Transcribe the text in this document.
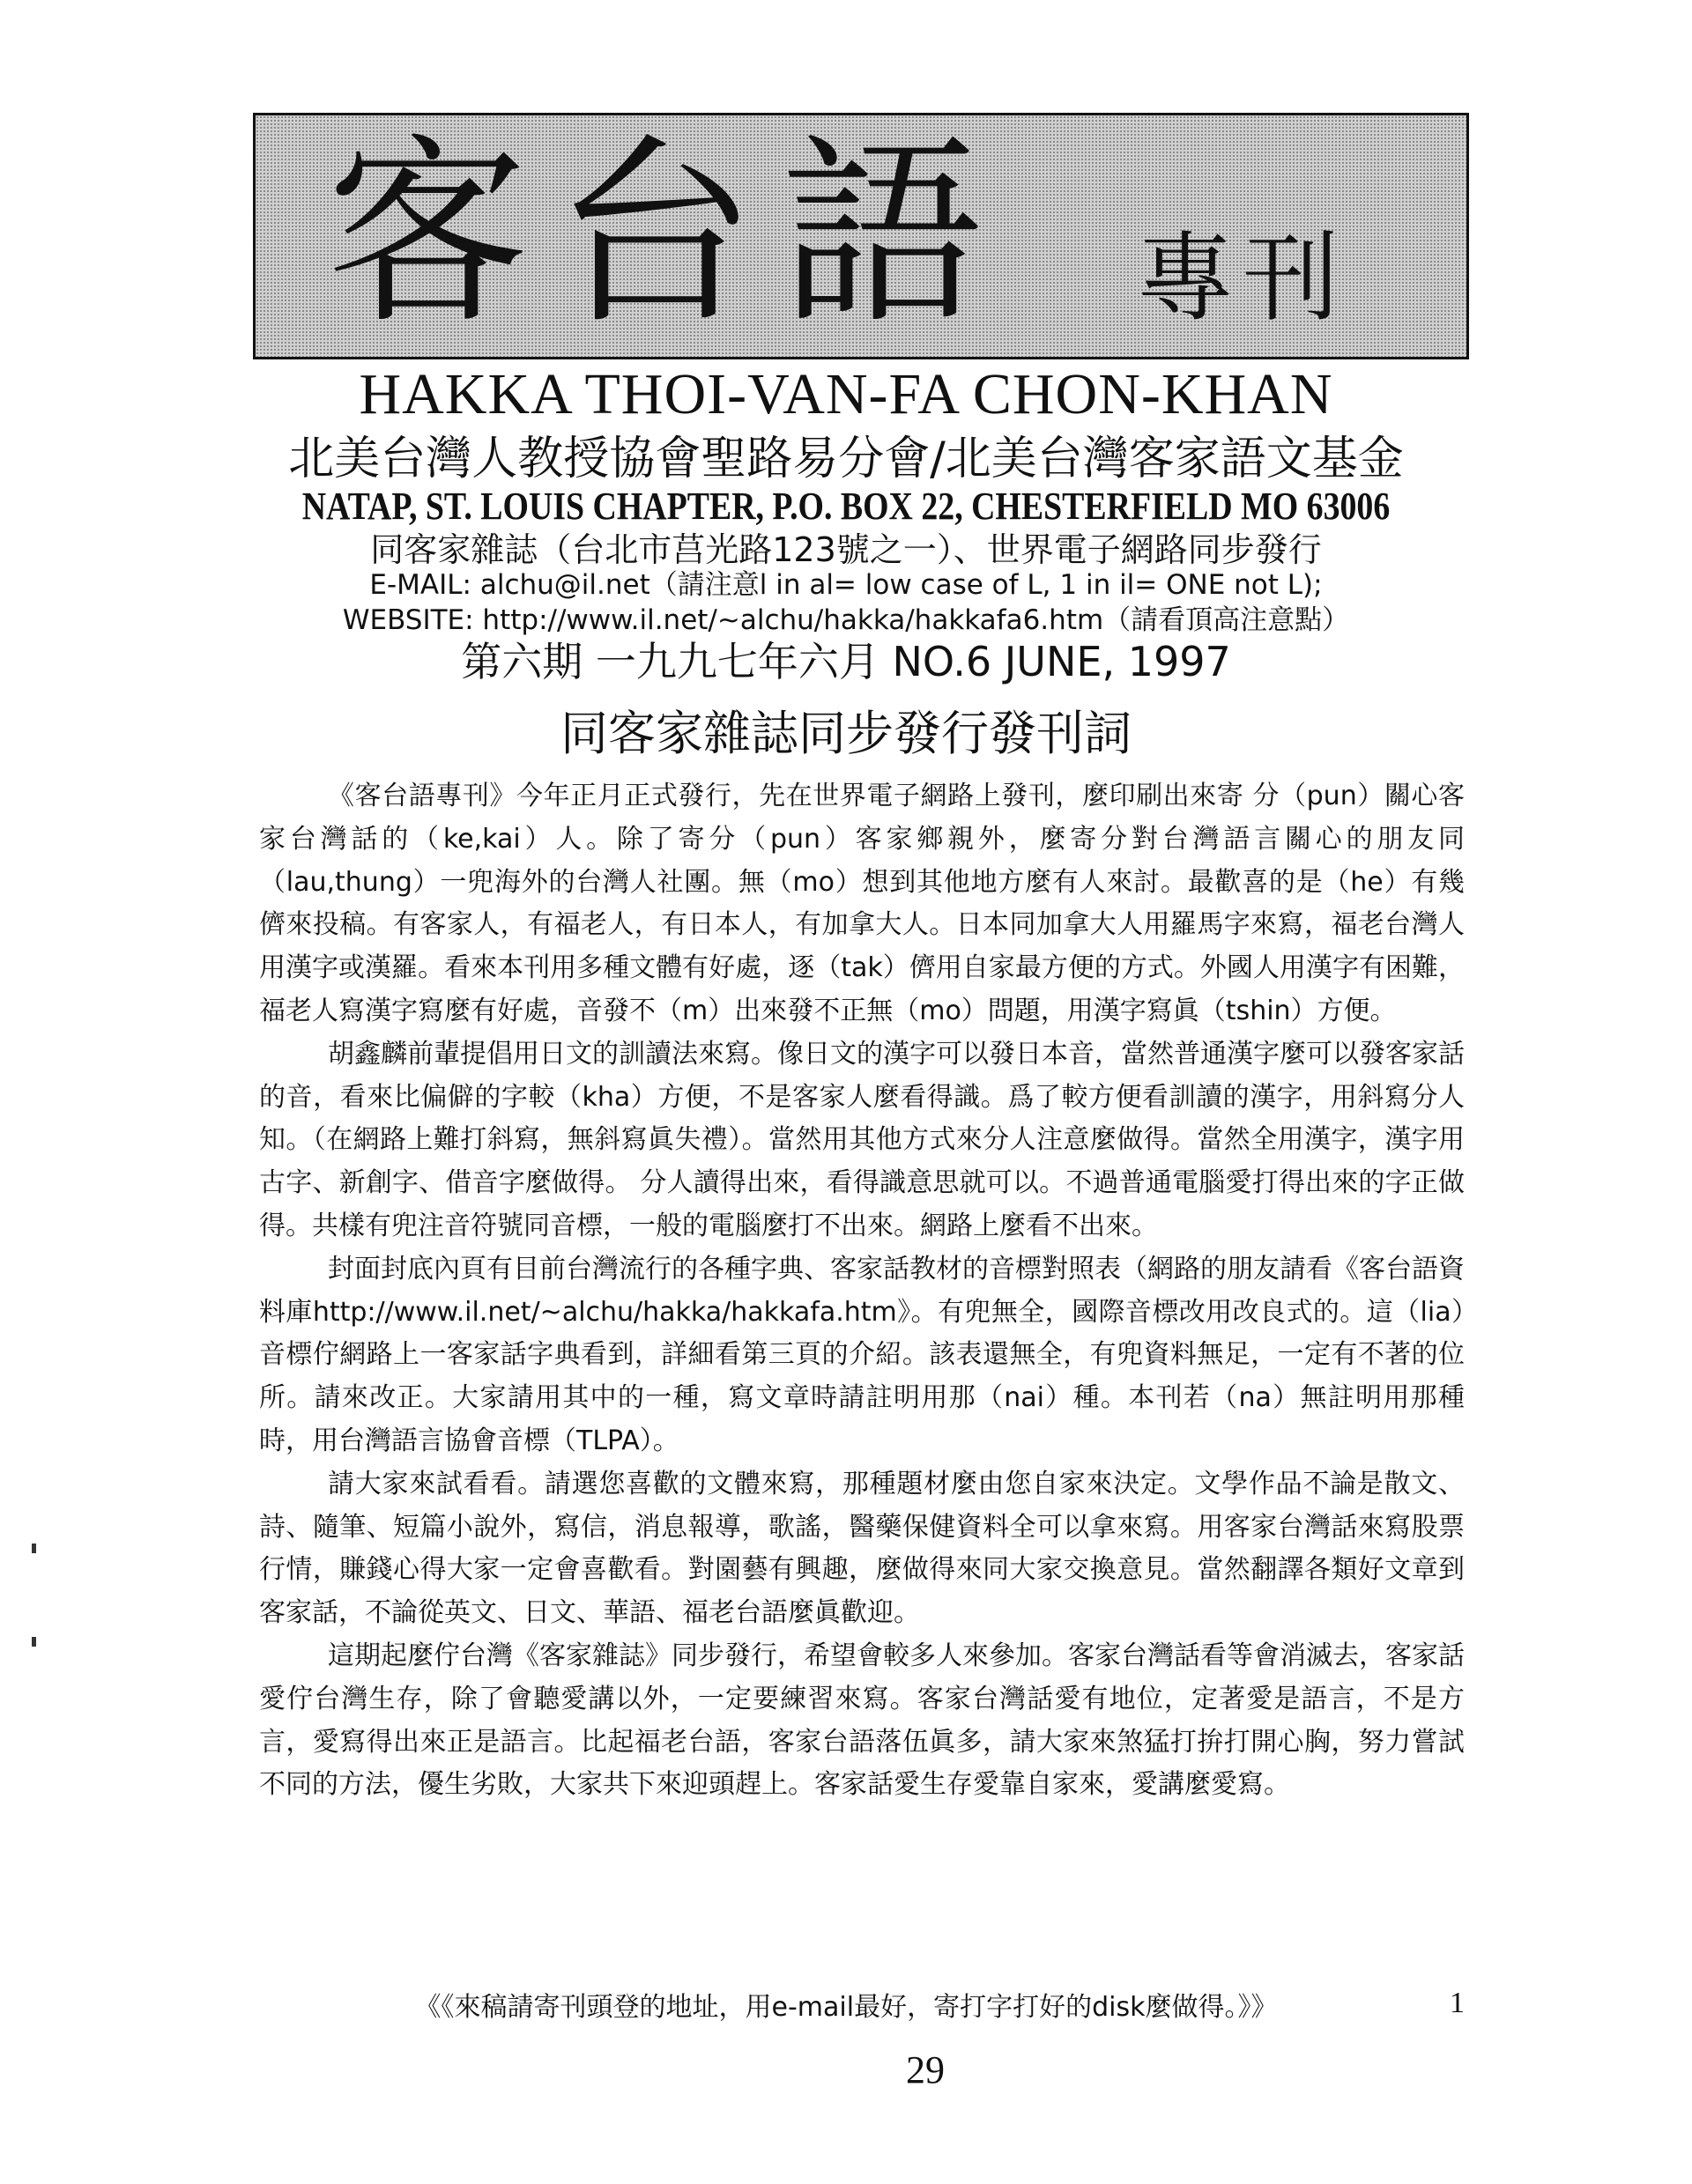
客台語 專刊
HAKKA THOI-VAN-FA CHON-KHAN
北美台灣人教授協會聖路易分會/北美台灣客家語文基金
NATAP, ST. LOUIS CHAPTER, P.O. BOX 22, CHESTERFIELD MO 63006
同客家雜誌（台北市莒光路123號之一）、世界電子網路同步發行
E-MAIL: alchu@il.net（請注意l in al= low case of L, 1 in il= ONE not L);
WEBSITE: http://www.il.net/~alchu/hakka/hakkafa6.htm（請看頂高注意點）
第六期 一九九七年六月 NO.6 JUNE, 1997
同客家雜誌同步發行發刊詞

《客台語專刊》今年正月正式發行，先在世界電子網路上發刊，麼印刷出來寄 分（pun）關心客家台灣話的（ke,kai）人。除了寄分（pun）客家鄉親外，麼寄分對台灣語言關心的朋友同（lau,thung）一兜海外的台灣人社團。無（mo）想到其他地方麼有人來討。最歡喜的是（he）有幾儕來投稿。有客家人，有福老人，有日本人，有加拿大人。日本同加拿大人用羅馬字來寫，福老台灣人用漢字或漢羅。看來本刊用多種文體有好處，逐（tak）儕用自家最方便的方式。外國人用漢字有困難，福老人寫漢字寫麼有好處，音發不（m）出來發不正無（mo）問題，用漢字寫眞（tshin）方便。

胡鑫麟前輩提倡用日文的訓讀法來寫。像日文的漢字可以發日本音，當然普通漢字麼可以發客家話的音，看來比偏僻的字較（kha）方便，不是客家人麼看得識。爲了較方便看訓讀的漢字，用斜寫分人知。（在網路上難打斜寫，無斜寫眞失禮）。當然用其他方式來分人注意麼做得。當然全用漢字，漢字用古字、新創字、借音字麼做得。 分人讀得出來，看得識意思就可以。不過普通電腦愛打得出來的字正做得。共樣有兜注音符號同音標，一般的電腦麼打不出來。網路上麼看不出來。

封面封底內頁有目前台灣流行的各種字典、客家話教材的音標對照表（網路的朋友請看《客台語資料庫http://www.il.net/~alchu/hakka/hakkafa.htm》。有兜無全，國際音標改用改良式的。這（lia）音標佇網路上一客家話字典看到，詳細看第三頁的介紹。該表還無全，有兜資料無足，一定有不著的位所。請來改正。大家請用其中的一種，寫文章時請註明用那（nai）種。本刊若（na）無註明用那種時，用台灣語言協會音標（TLPA）。

請大家來試看看。請選您喜歡的文體來寫，那種題材麼由您自家來決定。文學作品不論是散文、詩、隨筆、短篇小說外，寫信，消息報導，歌謠，醫藥保健資料全可以拿來寫。用客家台灣話來寫股票行情，賺錢心得大家一定會喜歡看。對園藝有興趣，麼做得來同大家交換意見。當然翻譯各類好文章到客家話，不論從英文、日文、華語、福老台語麼眞歡迎。

這期起麼佇台灣《客家雜誌》同步發行，希望會較多人來參加。客家台灣話看等會消滅去，客家話愛佇台灣生存，除了會聽愛講以外，一定要練習來寫。客家台灣話愛有地位，定著愛是語言，不是方言，愛寫得出來正是語言。比起福老台語，客家台語落伍眞多，請大家來煞猛打拚打開心胸，努力嘗試不同的方法，優生劣敗，大家共下來迎頭趕上。客家話愛生存愛靠自家來，愛講麼愛寫。

《《來稿請寄刊頭登的地址，用e-mail最好，寄打字打好的disk麼做得。》》	1
29
